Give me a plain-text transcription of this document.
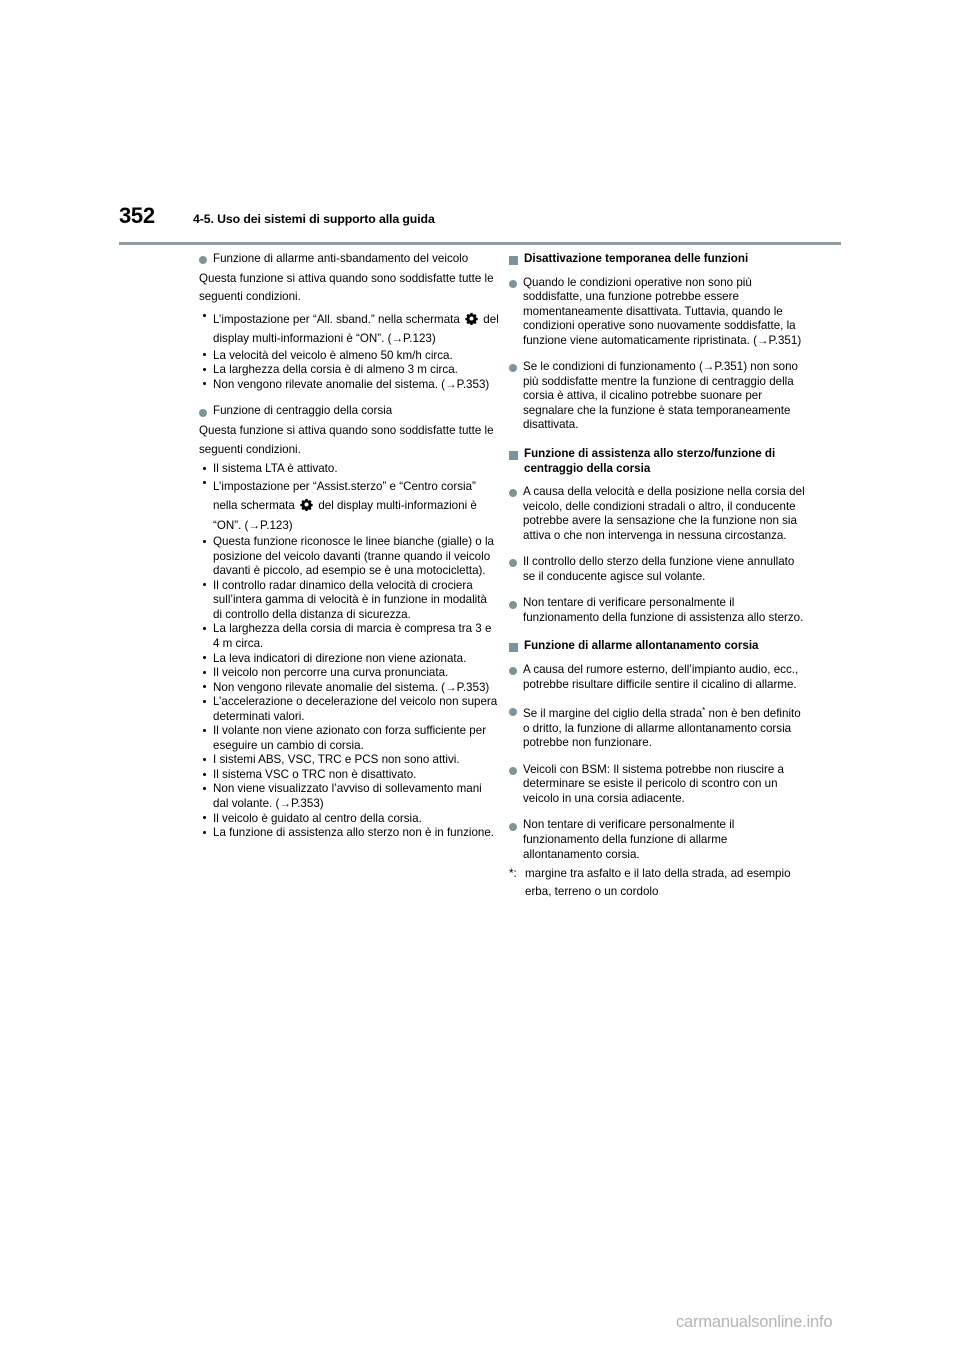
352	4-5. Uso dei sistemi di supporto alla guida
Funzione di allarme anti-sbandamento del veicolo
Questa funzione si attiva quando sono soddisfatte tutte le seguenti condizioni.
L’impostazione per “All. sband.” nella schermata del display multi-informazioni è “ON”. (→P.123)
La velocità del veicolo è almeno 50 km/h circa.
La larghezza della corsia è di almeno 3 m circa.
Non vengono rilevate anomalie del sistema. (→P.353)
Funzione di centraggio della corsia
Questa funzione si attiva quando sono soddisfatte tutte le seguenti condizioni.
Il sistema LTA è attivato.
L’impostazione per “Assist.sterzo” e “Centro corsia” nella schermata del display multi-informazioni è “ON”. (→P.123)
Questa funzione riconosce le linee bianche (gialle) o la posizione del veicolo davanti (tranne quando il veicolo davanti è piccolo, ad esempio se è una motocicletta).
Il controllo radar dinamico della velocità di crociera sull’intera gamma di velocità è in funzione in modalità di controllo della distanza di sicurezza.
La larghezza della corsia di marcia è compresa tra 3 e 4 m circa.
La leva indicatori di direzione non viene azionata.
Il veicolo non percorre una curva pronunciata.
Non vengono rilevate anomalie del sistema. (→P.353)
L’accelerazione o decelerazione del veicolo non supera determinati valori.
Il volante non viene azionato con forza sufficiente per eseguire un cambio di corsia.
I sistemi ABS, VSC, TRC e PCS non sono attivi.
Il sistema VSC o TRC non è disattivato.
Non viene visualizzato l’avviso di sollevamento mani dal volante. (→P.353)
Il veicolo è guidato al centro della corsia.
La funzione di assistenza allo sterzo non è in funzione.
Disattivazione temporanea delle funzioni
Quando le condizioni operative non sono più soddisfatte, una funzione potrebbe essere momentaneamente disattivata. Tuttavia, quando le condizioni operative sono nuovamente soddisfatte, la funzione viene automaticamente ripristinata. (→P.351)
Se le condizioni di funzionamento (→P.351) non sono più soddisfatte mentre la funzione di centraggio della corsia è attiva, il cicalino potrebbe suonare per segnalare che la funzione è stata temporaneamente disattivata.
Funzione di assistenza allo sterzo/funzione di centraggio della corsia
A causa della velocità e della posizione nella corsia del veicolo, delle condizioni stradali o altro, il conducente potrebbe avere la sensazione che la funzione non sia attiva o che non intervenga in nessuna circostanza.
Il controllo dello sterzo della funzione viene annullato se il conducente agisce sul volante.
Non tentare di verificare personalmente il funzionamento della funzione di assistenza allo sterzo.
Funzione di allarme allontanamento corsia
A causa del rumore esterno, dell’impianto audio, ecc., potrebbe risultare difficile sentire il cicalino di allarme.
Se il margine del ciglio della strada* non è ben definito o dritto, la funzione di allarme allontanamento corsia potrebbe non funzionare.
Veicoli con BSM: Il sistema potrebbe non riuscire a determinare se esiste il pericolo di scontro con un veicolo in una corsia adiacente.
Non tentare di verificare personalmente il funzionamento della funzione di allarme allontanamento corsia.
*: margine tra asfalto e il lato della strada, ad esempio erba, terreno o un cordolo
carmanualsonline.info
